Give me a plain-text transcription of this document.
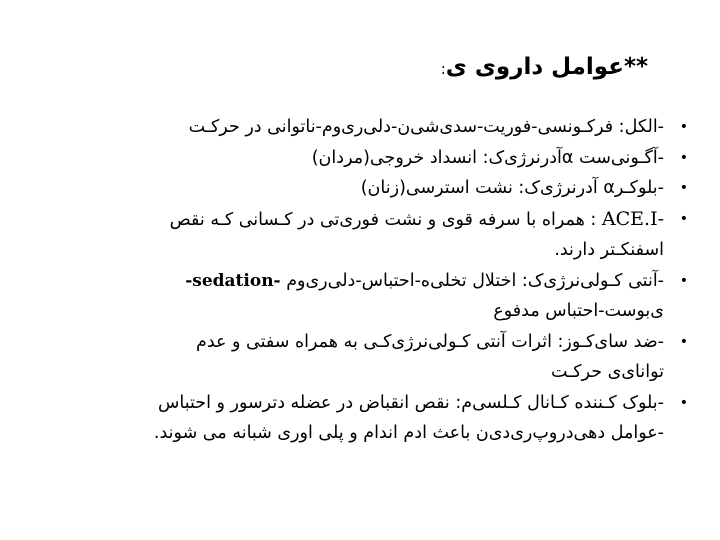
**عوامل داروی ی:
•
-الکل: فرکـونسی-فوریت-سدی‌شی‌ن-دلی‌ری‌وم-ناتوانی در حرکـت
•
-آگـونی‌ست αآدرنرژی‌ک: انسداد خروجی(مردان)
•
-بلوکـرα آدرنرژی‌ک: نشت استرسی(زنان)
•
ACE.I- : همراه با سرفه قوی و نشت فوری‌تی در کـسانی کـه نقص
اسفنکـتر دارند.
•
-آنتی کـولی‌نرژی‌ک: اختلال تخلی‌ه-احتباس-دلی‌ری‌وم -sedation-
ی‌بوست-احتباس مدفوع
•
-ضد سای‌کـوز: اثرات آنتی کـولی‌نرژی‌کـی به همراه سفتی و عدم
توانای‌ی حرکـت
•
-بلوک کـننده کـانال کـلسی‌م: نقص انقباض در عضله دترسور و احتباس
-عوامل دهی‌دروپ‌ری‌دی‌ن باعث ادم اندام و پلی اوری شبانه می شوند.
